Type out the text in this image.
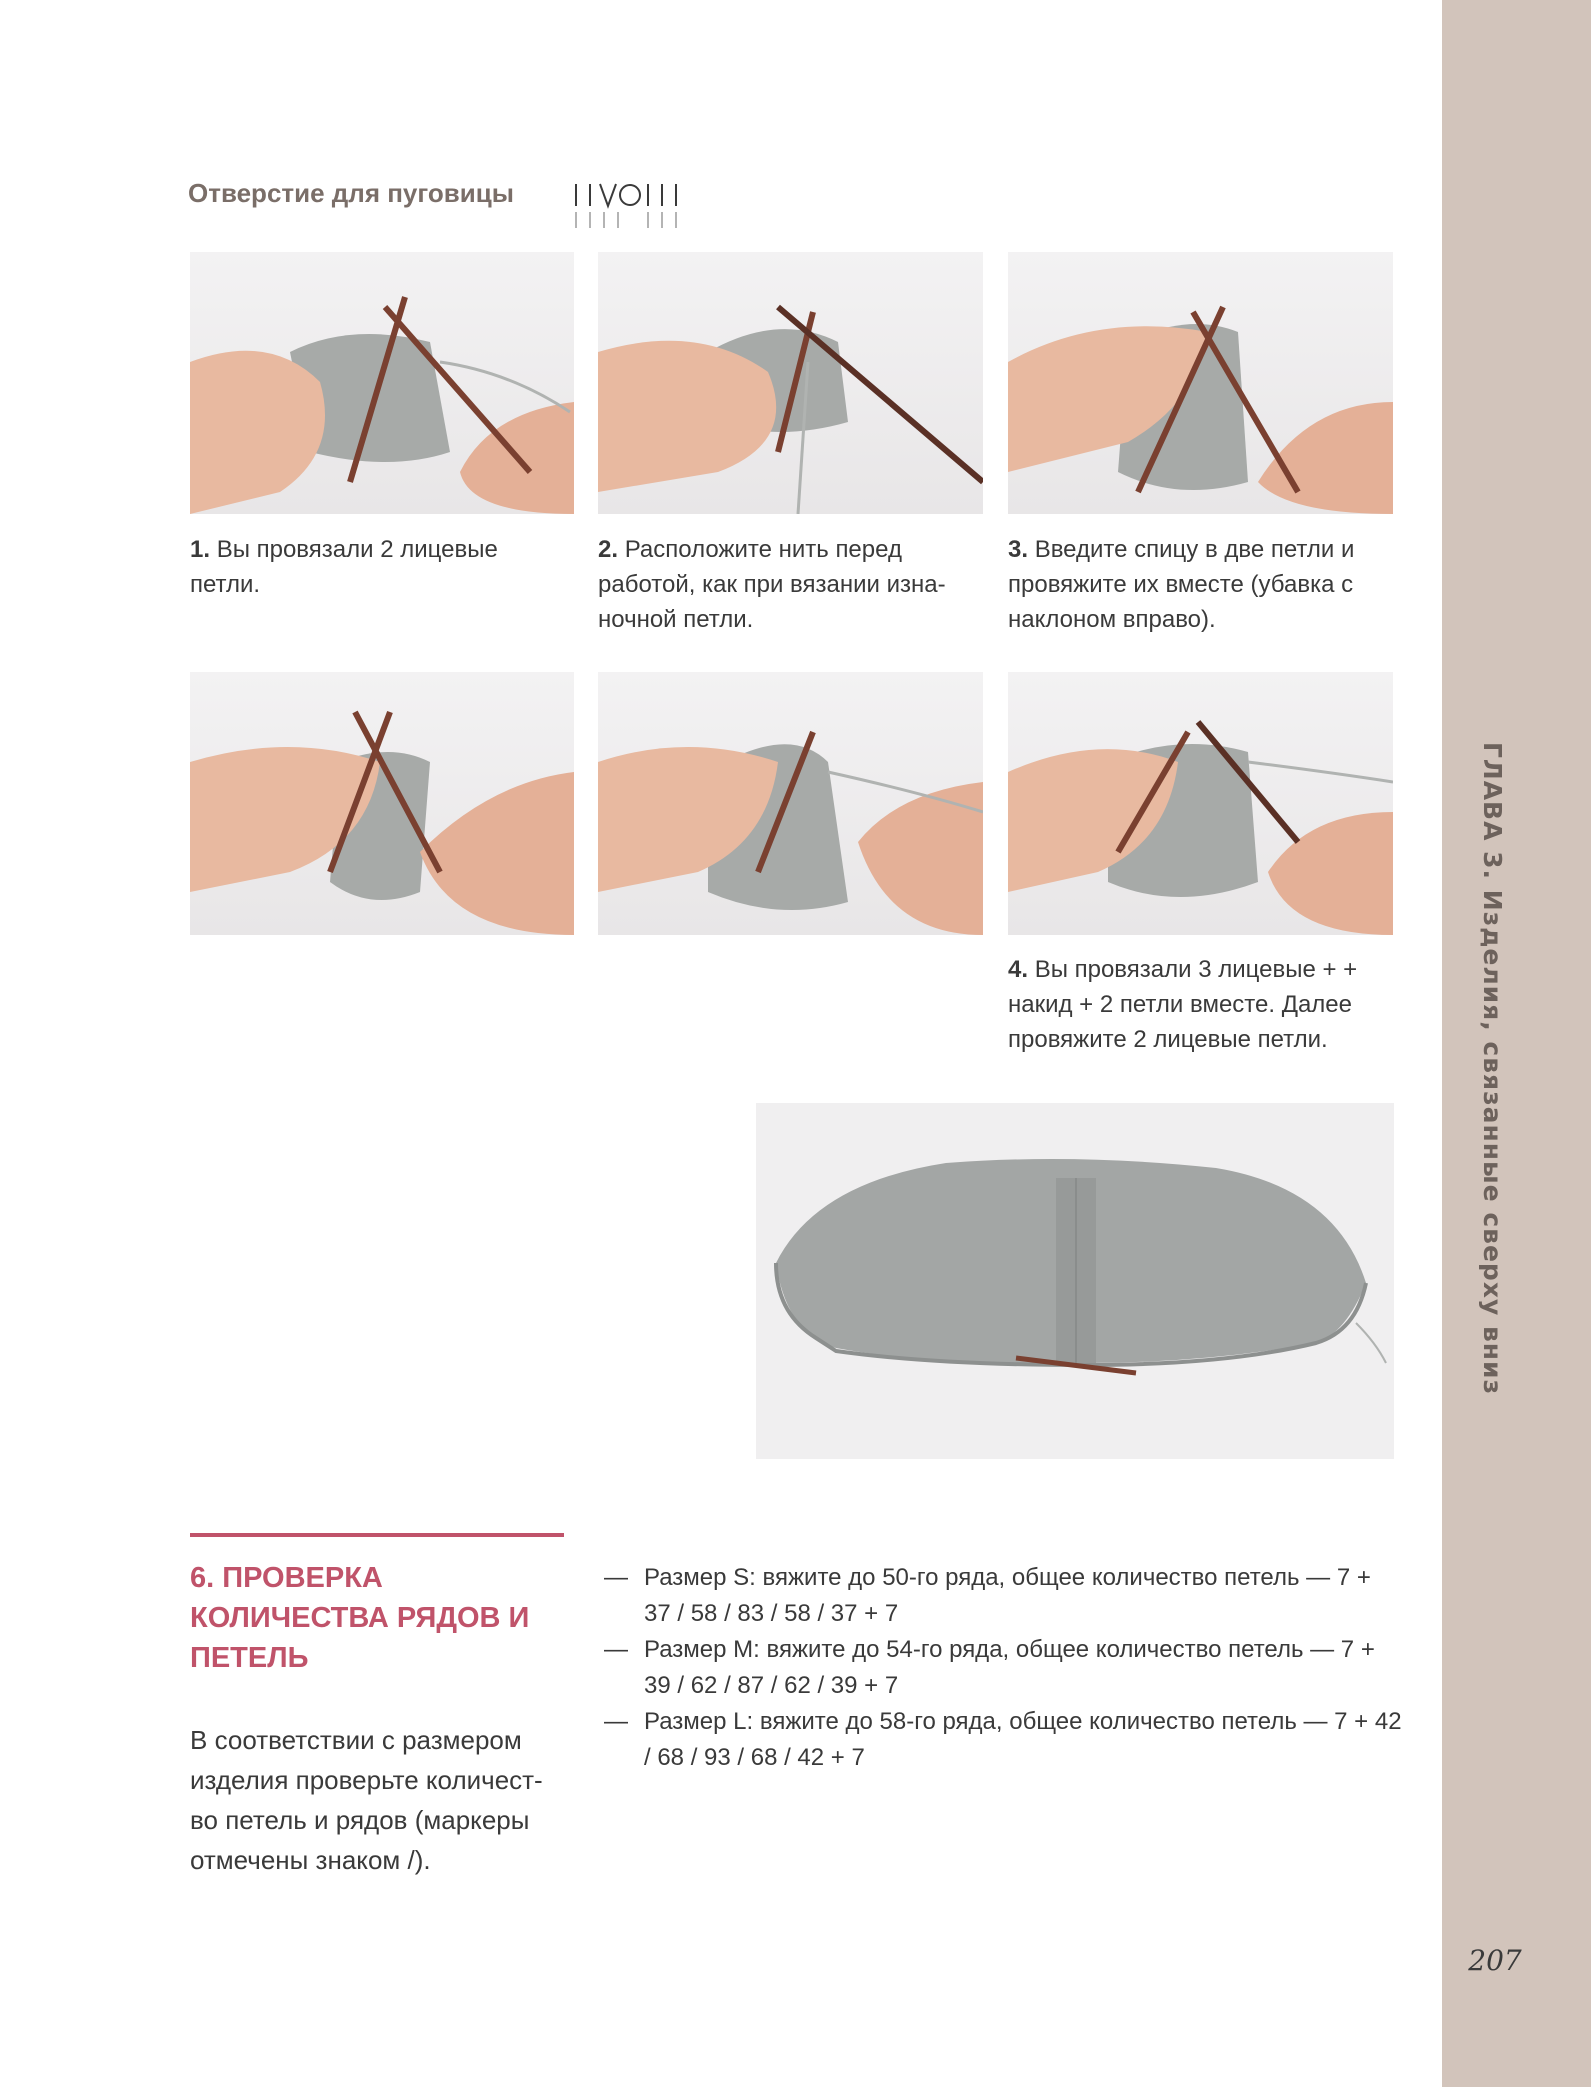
ГЛАВА 3. Изделия, связанные сверху вниз
207
Отверстие для пуговицы
1. Вы провязали 2 лицевые петли.
2. Расположите нить перед работой, как при вязании изна-ночной петли.
3. Введите спицу в две петли и провяжите их вместе (убавка с наклоном вправо).
4. Вы провязали 3 лицевые + + накид + 2 петли вместе. Далее провяжите 2 лицевые петли.
6. ПРОВЕРКА КОЛИЧЕСТВА РЯДОВ И ПЕТЕЛЬ
В соответствии с размером изделия проверьте количест-во петель и рядов (маркеры отмечены знаком /).
— Размер S: вяжите до 50-го ряда, общее количество петель — 7 + 37 / 58 / 83 / 58 / 37 + 7
— Размер M: вяжите до 54-го ряда, общее количество петель — 7 + 39 / 62 / 87 / 62 / 39 + 7
— Размер L: вяжите до 58-го ряда, общее количество петель — 7 + 42 / 68 / 93 / 68 / 42 + 7
